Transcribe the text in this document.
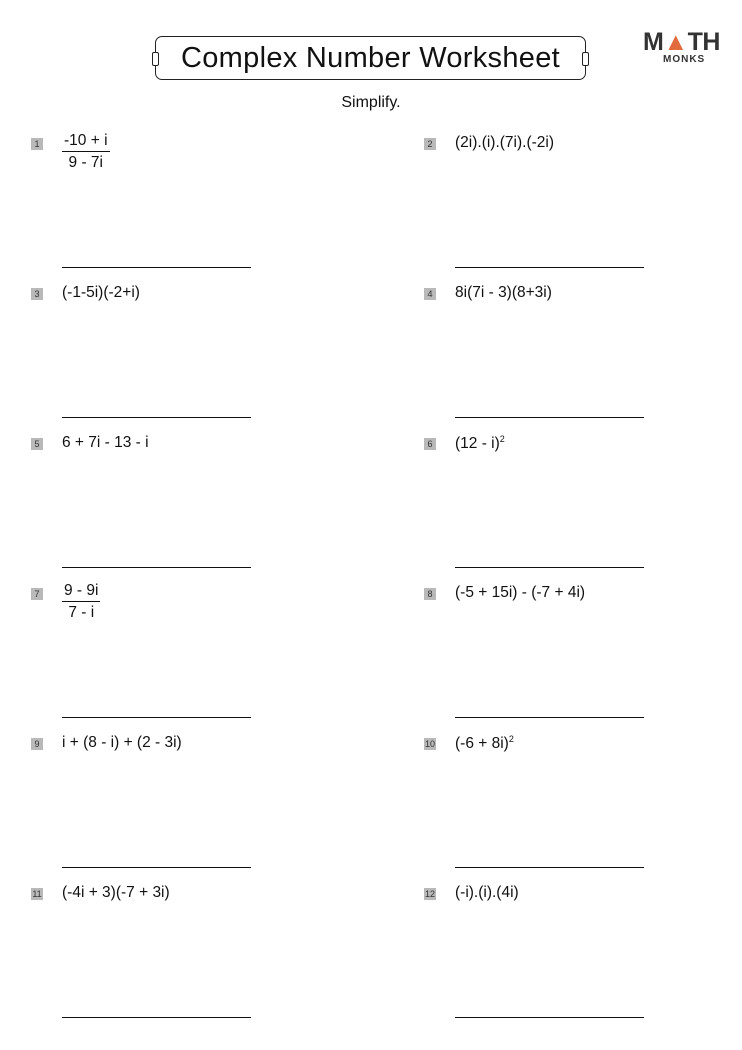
Complex Number Worksheet	M▲TH
MONKS
Simplify.
$1 \frac{-10 + i}{9 - 7i}$	2 (2i).(i).(7i).(-2i)
3 (-1-5i)(-2+i)	4 8i(7i - 3)(8+3i)
5 6 + 7i - 13 - i	6 (12 - i)$^2$
$7 \frac{9 - 9i}{7 - i}$	8 (-5 + 15i) - (-7 + 4i)
9 i + (8 - i) + (2 - 3i)	10 $(-6 + 8i)^2$
11 (-4i + 3)(-7 + 3i)	12 (-i).(i).(4i)
